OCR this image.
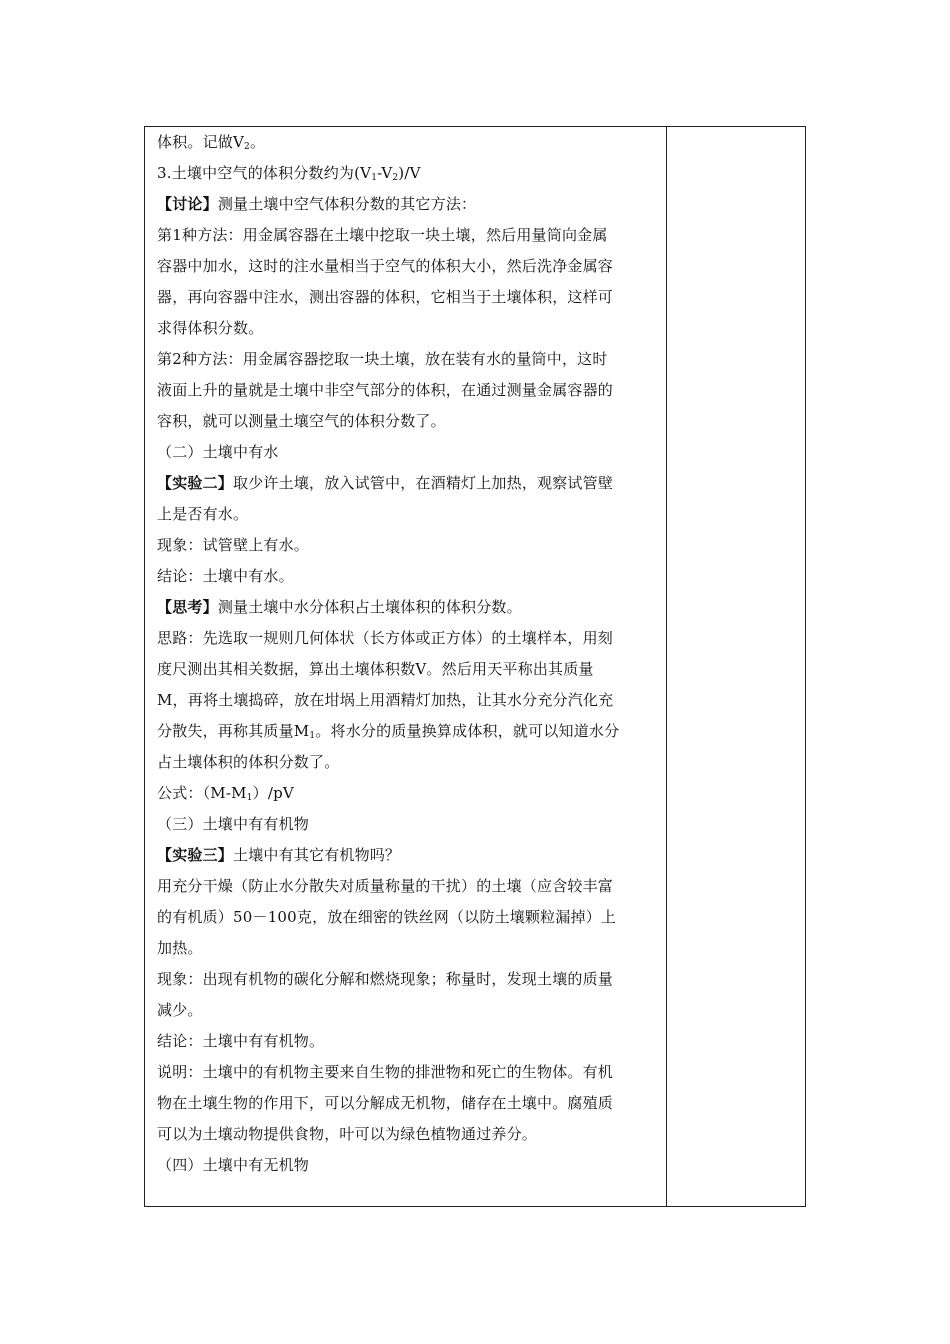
体积。记做$V_2$。
3.土壤中空气的体积分数约为$(V_1-V_2)/V$
【讨论】测量土壤中空气体积分数的其它方法：
第1种方法：用金属容器在土壤中挖取一块土壤，然后用量筒向金属
容器中加水，这时的注水量相当于空气的体积大小，然后洗净金属容
器，再向容器中注水，测出容器的体积，它相当于土壤体积，这样可
求得体积分数。
第2种方法：用金属容器挖取一块土壤，放在装有水的量筒中，这时
液面上升的量就是土壤中非空气部分的体积，在通过测量金属容器的
容积，就可以测量土壤空气的体积分数了。
（二）土壤中有水
【实验二】取少许土壤，放入试管中，在酒精灯上加热，观察试管壁
上是否有水。
现象：试管壁上有水。
结论：土壤中有水。
【思考】测量土壤中水分体积占土壤体积的体积分数。
思路：先选取一规则几何体状（长方体或正方体）的土壤样本，用刻
度尺测出其相关数据，算出土壤体积数V。然后用天平称出其质量
M，再将土壤捣碎，放在坩埚上用酒精灯加热，让其水分充分汽化充
分散失，再称其质量$M_1$。将水分的质量换算成体积，就可以知道水分
占土壤体积的体积分数了。
公式：$(M-M_1)/pV$
（三）土壤中有有机物
【实验三】土壤中有其它有机物吗？
用充分干燥（防止水分散失对质量称量的干扰）的土壤（应含较丰富
的有机质）50－100克，放在细密的铁丝网（以防土壤颗粒漏掉）上
加热。
现象：出现有机物的碳化分解和燃烧现象；称量时，发现土壤的质量
减少。
结论：土壤中有有机物。
说明：土壤中的有机物主要来自生物的排泄物和死亡的生物体。有机
物在土壤生物的作用下，可以分解成无机物，储存在土壤中。腐殖质
可以为土壤动物提供食物，叶可以为绿色植物通过养分。
（四）土壤中有无机物
